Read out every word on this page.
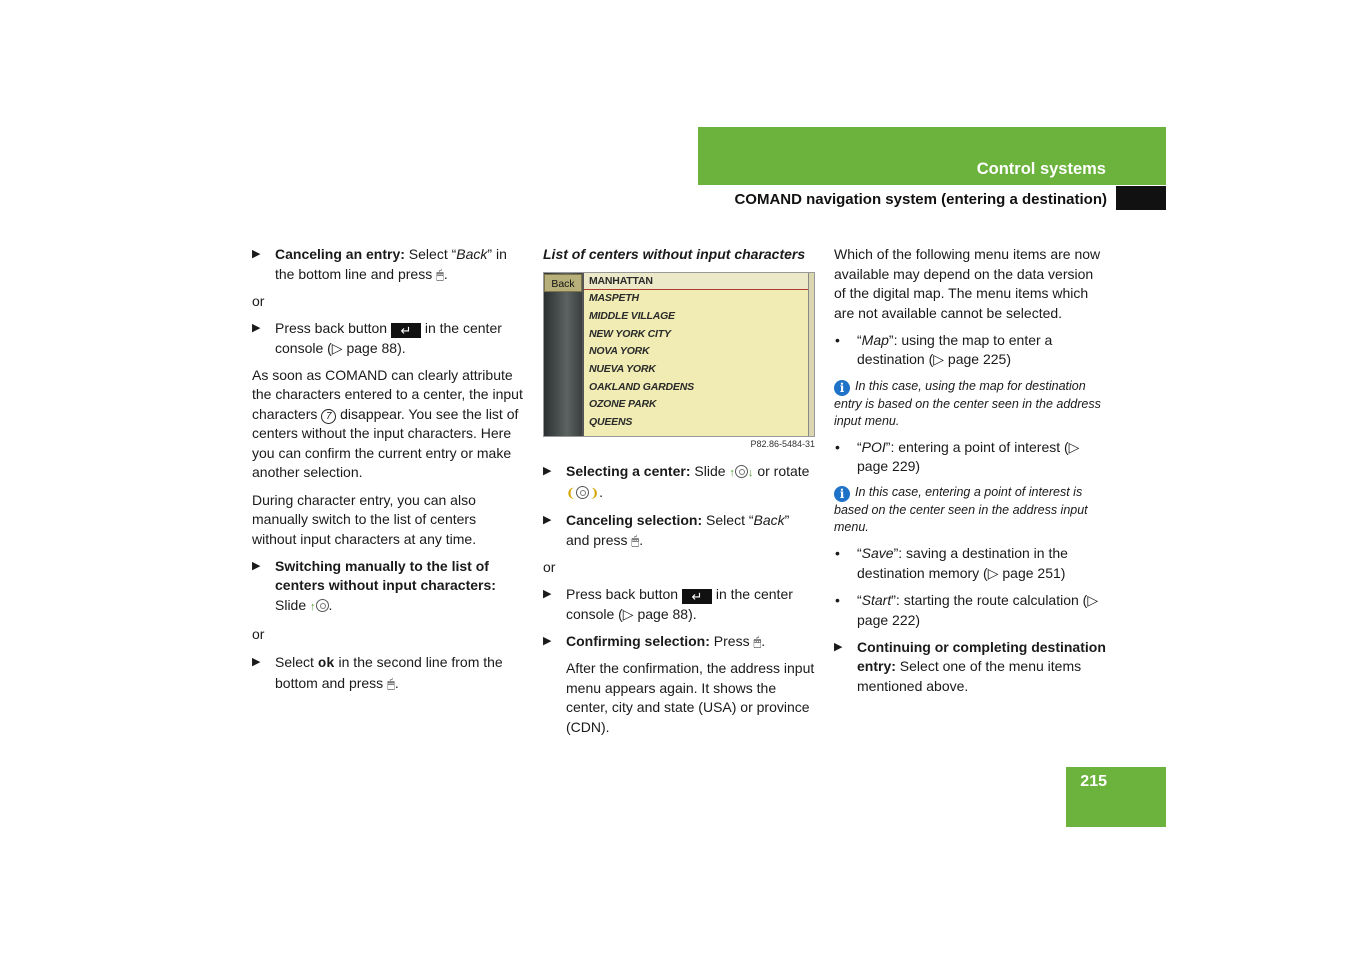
Control systems
COMAND navigation system (entering a destination)
▶ Canceling an entry: Select “Back” in the bottom line and press 🖱.

or

▶ Press back button ↵ in the center console (▷ page 88).

As soon as COMAND can clearly attribute the characters entered to a center, the input characters 7 disappear. You see the list of centers without the input characters. Here you can confirm the current entry or make another selection.

During character entry, you can also manually switch to the list of centers without input characters at any time.

▶ Switching manually to the list of centers without input characters:
Slide ↑ .

or

▶ Select ok in the second line from the bottom and press 🖱.
List of centers without input characters
Back	MANHATTAN
MASPETH
MIDDLE VILLAGE
NEW YORK CITY
NOVA YORK
NUEVA YORK
OAKLAND GARDENS
OZONE PARK
QUEENS
P82.86-5484-31
▶ Selecting a center: Slide ↑ ↓ or rotate ❨ ❩.
▶ Canceling selection: Select “Back” and press 🖱.

or

▶ Press back button ↵ in the center console (▷ page 88).
▶ Confirming selection: Press 🖱.
After the confirmation, the address input menu appears again. It shows the center, city and state (USA) or province (CDN).

Which of the following menu items are now available may depend on the data version of the digital map. The menu items which are not available cannot be selected.

• “Map”: using the map to enter a destination (▷ page 225)
i In this case, using the map for destination entry is based on the center seen in the address input menu.
• “POI”: entering a point of interest (▷ page 229)
i In this case, entering a point of interest is based on the center seen in the address input menu.
• “Save”: saving a destination in the destination memory (▷ page 251)
• “Start”: starting the route calculation (▷ page 222)
▶ Continuing or completing destination entry: Select one of the menu items mentioned above.
215
